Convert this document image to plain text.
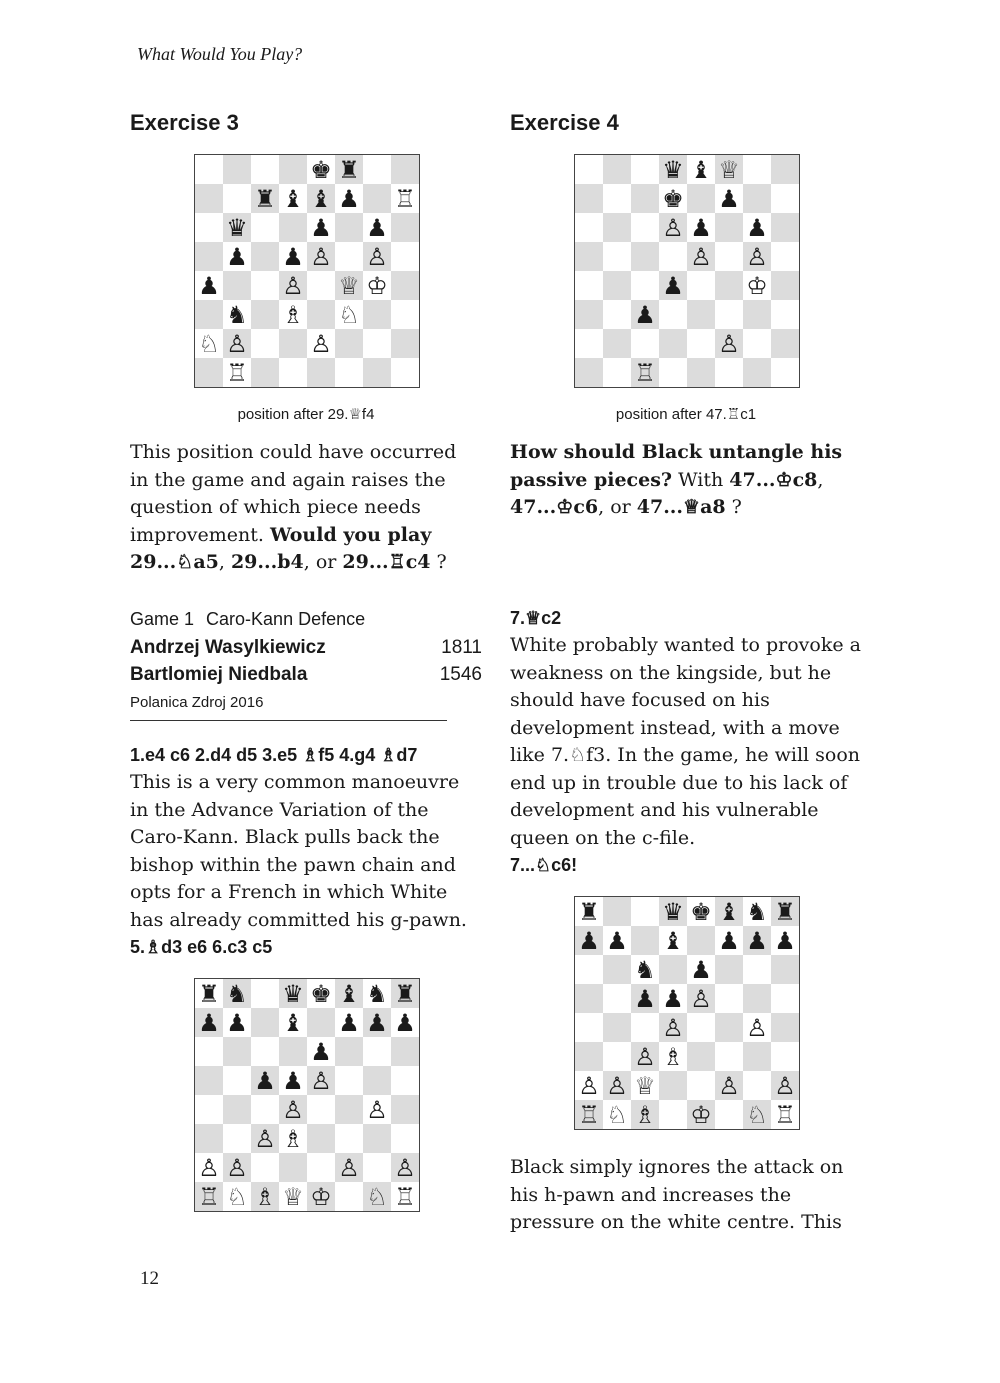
What Would You Play?
Exercise 3
♚ ♜
♜ ♝ ♝ ♟ ♖
♛	♟ ♟
♟ ♟ ♙ ♙
♟	♙ ♕ ♔
♞ ♗ ♘
♘ ♙	♙
♖
position after 29.♕f4
This position could have occurred in the game and again raises the question of which piece needs improvement. Would you play 29...♘a5, 29...b4, or 29...♖c4 ?
Exercise 4
♛ ♝ ♕
♚ ♟
♙ ♟ ♟
♙ ♙
♟	♔
♟
♙
♖
position after 47.♖c1
How should Black untangle his passive pieces? With 47...♔c8, 47...♔c6, or 47...♕a8 ?
Game 1 Caro-Kann Defence
Andrzej Wasylkiewicz	1811
Bartlomiej Niedbala	1546
Polanica Zdroj 2016
1.e4 c6 2.d4 d5 3.e5 ♗f5 4.g4 ♗d7
This is a very common manoeuvre in the Advance Variation of the Caro-Kann. Black pulls back the bishop within the pawn chain and opts for a French in which White has already committed his g-pawn.
5.♗d3 e6 6.c3 c5
♜ ♞ ♛ ♚ ♝ ♞ ♜
♟ ♟ ♝ ♟ ♟ ♟
♟
♟ ♟ ♙
♙	♙
♙ ♗
♙ ♙	♙ ♙
♖ ♘ ♗ ♕ ♔ ♘ ♖
7.♕c2
White probably wanted to provoke a weakness on the kingside, but he should have focused on his development instead, with a move like 7.♘f3. In the game, he will soon end up in trouble due to his lack of development and his vulnerable queen on the c-file.
7...♘c6!
♜	♛ ♚ ♝ ♞ ♜
♟ ♟ ♝ ♟ ♟ ♟
♞ ♟
♟ ♟ ♙
♙	♙
♙ ♗
♙ ♙ ♕	♙ ♙
♖ ♘ ♗ ♔ ♘ ♖
Black simply ignores the attack on his h-pawn and increases the pressure on the white centre. This
12
